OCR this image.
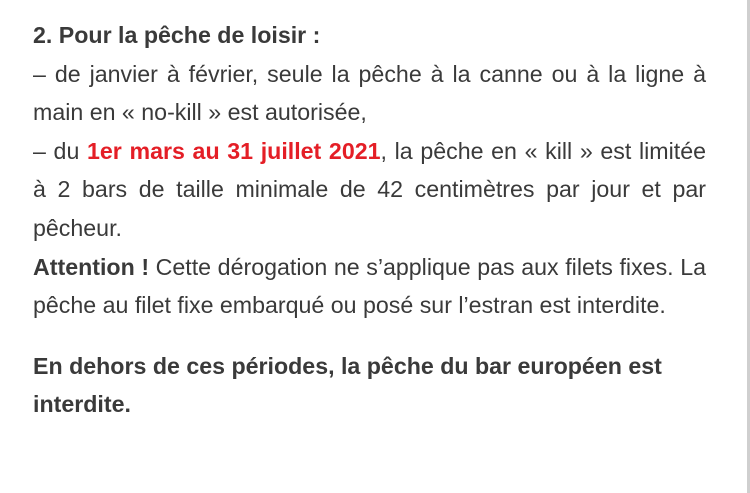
2. Pour la pêche de loisir :
– de janvier à février, seule la pêche à la canne ou à la ligne à main en « no-kill » est autorisée,
– du 1er mars au 31 juillet 2021, la pêche en « kill » est limitée à 2 bars de taille minimale de 42 centimètres par jour et par pêcheur.
Attention ! Cette dérogation ne s’applique pas aux filets fixes. La pêche au filet fixe embarqué ou posé sur l’estran est interdite.

En dehors de ces périodes, la pêche du bar européen est interdite.
